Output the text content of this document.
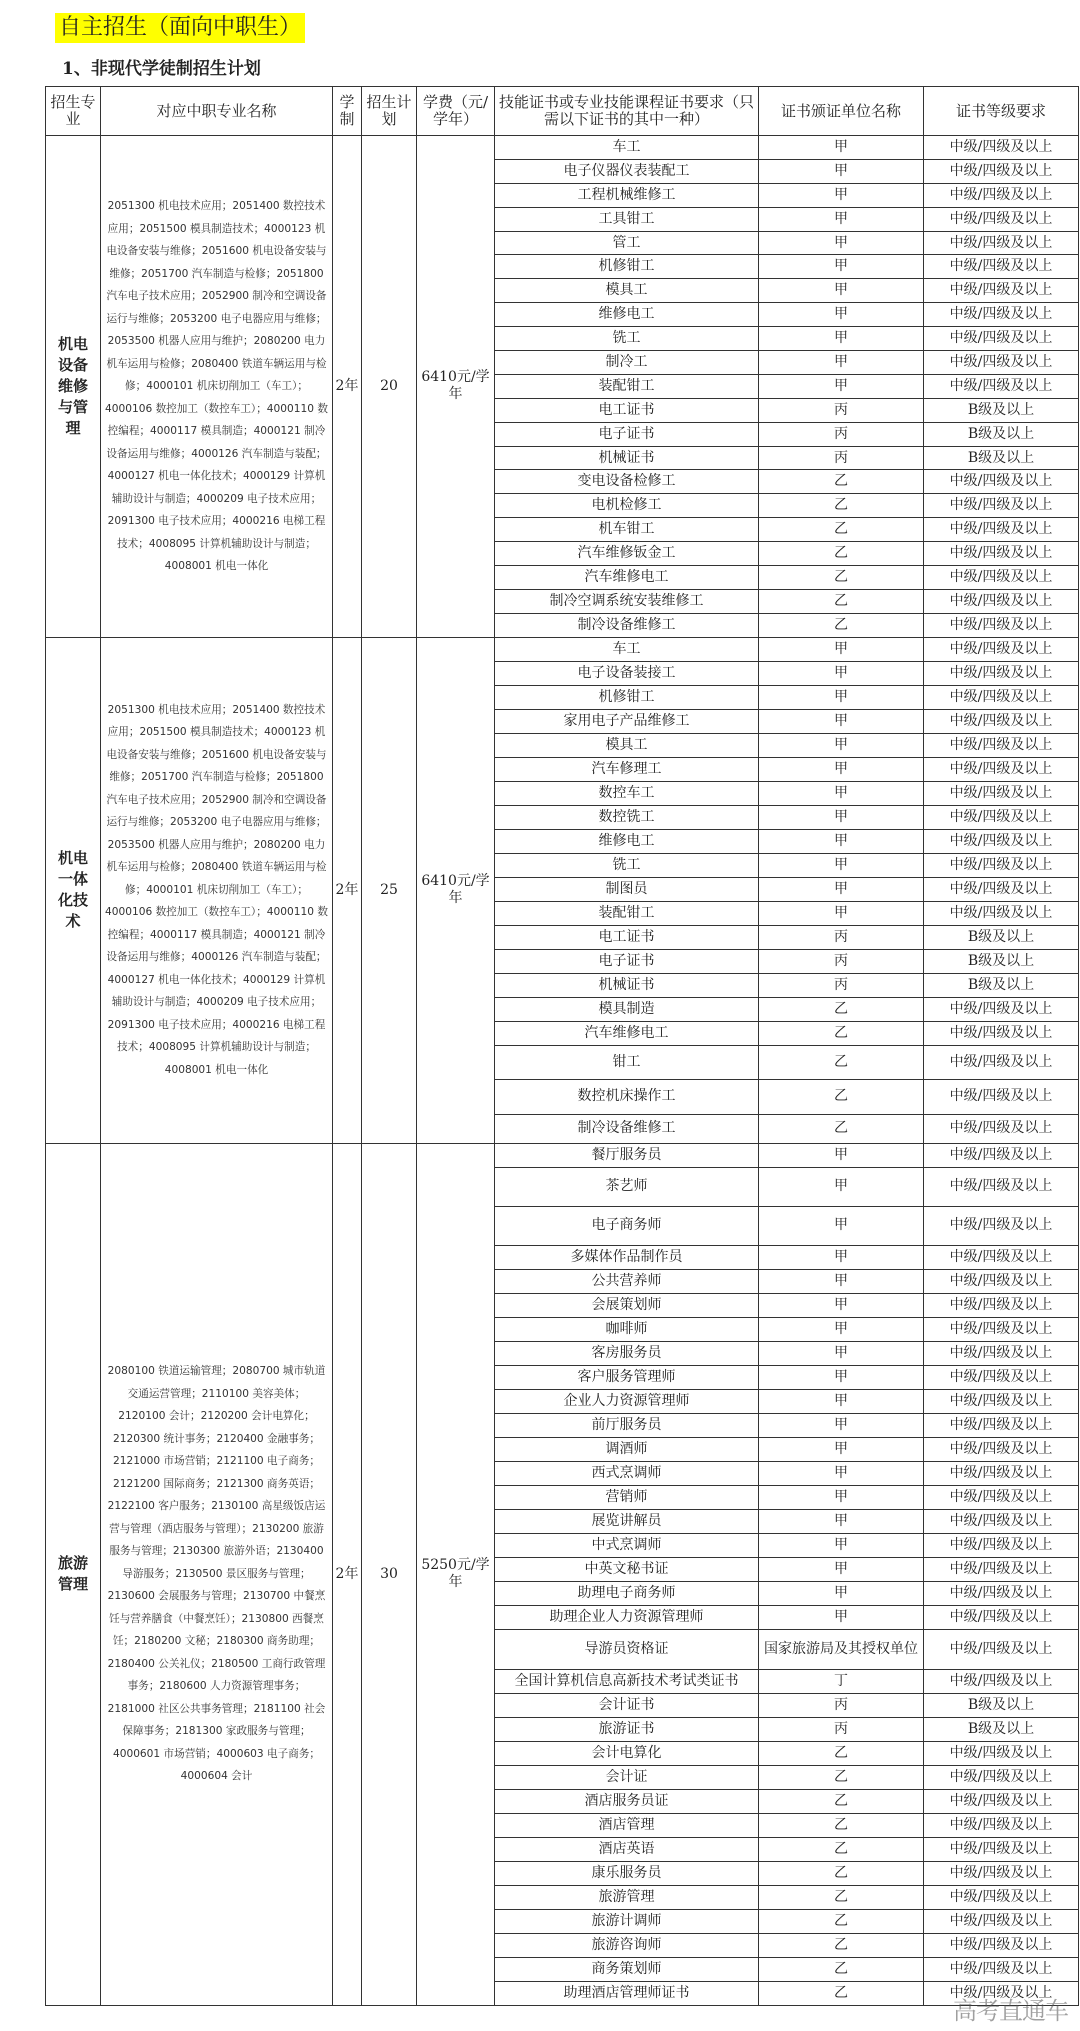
自主招生（面向中职生）
1、非现代学徒制招生计划
招生专业	对应中职专业名称	学制	招生计划	学费（元/学年）	技能证书或专业技能课程证书要求（只需以下证书的其中一种）	证书颁证单位名称	证书等级要求
机电设备维修与管理	2051300 机电技术应用；2051400 数控技术应用；2051500 模具制造技术；4000123 机电设备安装与维修；2051600 机电设备安装与维修；2051700 汽车制造与检修；2051800 汽车电子技术应用；2052900 制冷和空调设备运行与维修；2053200 电子电器应用与维修；2053500 机器人应用与维护；2080200 电力机车运用与检修；2080400 铁道车辆运用与检修；4000101 机床切削加工（车工）；4000106 数控加工（数控车工）；4000110 数控编程；4000117 模具制造；4000121 制冷设备运用与维修；4000126 汽车制造与装配；4000127 机电一体化技术；4000129 计算机辅助设计与制造；4000209 电子技术应用；2091300 电子技术应用；4000216 电梯工程技术；4008095 计算机辅助设计与制造；4008001 机电一体化	2年	20	6410元/学年	车工	甲	中级/四级及以上
					电子仪器仪表装配工	甲	中级/四级及以上
					工程机械维修工	甲	中级/四级及以上
					工具钳工	甲	中级/四级及以上
					管工	甲	中级/四级及以上
					机修钳工	甲	中级/四级及以上
					模具工	甲	中级/四级及以上
					维修电工	甲	中级/四级及以上
					铣工	甲	中级/四级及以上
					制冷工	甲	中级/四级及以上
					装配钳工	甲	中级/四级及以上
					电工证书	丙	B级及以上
					电子证书	丙	B级及以上
					机械证书	丙	B级及以上
					变电设备检修工	乙	中级/四级及以上
					电机检修工	乙	中级/四级及以上
					机车钳工	乙	中级/四级及以上
					汽车维修钣金工	乙	中级/四级及以上
					汽车维修电工	乙	中级/四级及以上
					制冷空调系统安装维修工	乙	中级/四级及以上
					制冷设备维修工	乙	中级/四级及以上
机电一体化技术	2051300 机电技术应用；2051400 数控技术应用；2051500 模具制造技术；4000123 机电设备安装与维修；2051600 机电设备安装与维修；2051700 汽车制造与检修；2051800 汽车电子技术应用；2052900 制冷和空调设备运行与维修；2053200 电子电器应用与维修；2053500 机器人应用与维护；2080200 电力机车运用与检修；2080400 铁道车辆运用与检修；4000101 机床切削加工（车工）；4000106 数控加工（数控车工）；4000110 数控编程；4000117 模具制造；4000121 制冷设备运用与维修；4000126 汽车制造与装配；4000127 机电一体化技术；4000129 计算机辅助设计与制造；4000209 电子技术应用；2091300 电子技术应用；4000216 电梯工程技术；4008095 计算机辅助设计与制造；4008001 机电一体化	2年	25	6410元/学年	车工	甲	中级/四级及以上
					电子设备装接工	甲	中级/四级及以上
					机修钳工	甲	中级/四级及以上
					家用电子产品维修工	甲	中级/四级及以上
					模具工	甲	中级/四级及以上
					汽车修理工	甲	中级/四级及以上
					数控车工	甲	中级/四级及以上
					数控铣工	甲	中级/四级及以上
					维修电工	甲	中级/四级及以上
					铣工	甲	中级/四级及以上
					制图员	甲	中级/四级及以上
					装配钳工	甲	中级/四级及以上
					电工证书	丙	B级及以上
					电子证书	丙	B级及以上
					机械证书	丙	B级及以上
					模具制造	乙	中级/四级及以上
					汽车维修电工	乙	中级/四级及以上
					钳工	乙	中级/四级及以上
					数控机床操作工	乙	中级/四级及以上
					制冷设备维修工	乙	中级/四级及以上
旅游管理	2080100 铁道运输管理；2080700 城市轨道交通运营管理；2110100 美容美体；2120100 会计；2120200 会计电算化；2120300 统计事务；2120400 金融事务；2121000 市场营销；2121100 电子商务；2121200 国际商务；2121300 商务英语；2122100 客户服务；2130100 高星级饭店运营与管理（酒店服务与管理）；2130200 旅游服务与管理；2130300 旅游外语；2130400 导游服务；2130500 景区服务与管理；2130600 会展服务与管理；2130700 中餐烹饪与营养膳食（中餐烹饪）；2130800 西餐烹饪；2180200 文秘；2180300 商务助理；2180400 公关礼仪；2180500 工商行政管理事务；2180600 人力资源管理事务；2181000 社区公共事务管理；2181100 社会保障事务；2181300 家政服务与管理；4000601 市场营销；4000603 电子商务；4000604 会计	2年	30	5250元/学年	餐厅服务员	甲	中级/四级及以上
					茶艺师	甲	中级/四级及以上
					电子商务师	甲	中级/四级及以上
					多媒体作品制作员	甲	中级/四级及以上
					公共营养师	甲	中级/四级及以上
					会展策划师	甲	中级/四级及以上
					咖啡师	甲	中级/四级及以上
					客房服务员	甲	中级/四级及以上
					客户服务管理师	甲	中级/四级及以上
					企业人力资源管理师	甲	中级/四级及以上
					前厅服务员	甲	中级/四级及以上
					调酒师	甲	中级/四级及以上
					西式烹调师	甲	中级/四级及以上
					营销师	甲	中级/四级及以上
					展览讲解员	甲	中级/四级及以上
					中式烹调师	甲	中级/四级及以上
					中英文秘书证	甲	中级/四级及以上
					助理电子商务师	甲	中级/四级及以上
					助理企业人力资源管理师	甲	中级/四级及以上
					导游员资格证	国家旅游局及其授权单位	中级/四级及以上
					全国计算机信息高新技术考试类证书	丁	中级/四级及以上
					会计证书	丙	B级及以上
					旅游证书	丙	B级及以上
					会计电算化	乙	中级/四级及以上
					会计证	乙	中级/四级及以上
					酒店服务员证	乙	中级/四级及以上
					酒店管理	乙	中级/四级及以上
					酒店英语	乙	中级/四级及以上
					康乐服务员	乙	中级/四级及以上
					旅游管理	乙	中级/四级及以上
					旅游计调师	乙	中级/四级及以上
					旅游咨询师	乙	中级/四级及以上
					商务策划师	乙	中级/四级及以上
					助理酒店管理师证书	乙	中级/四级及以上
高考直通车
